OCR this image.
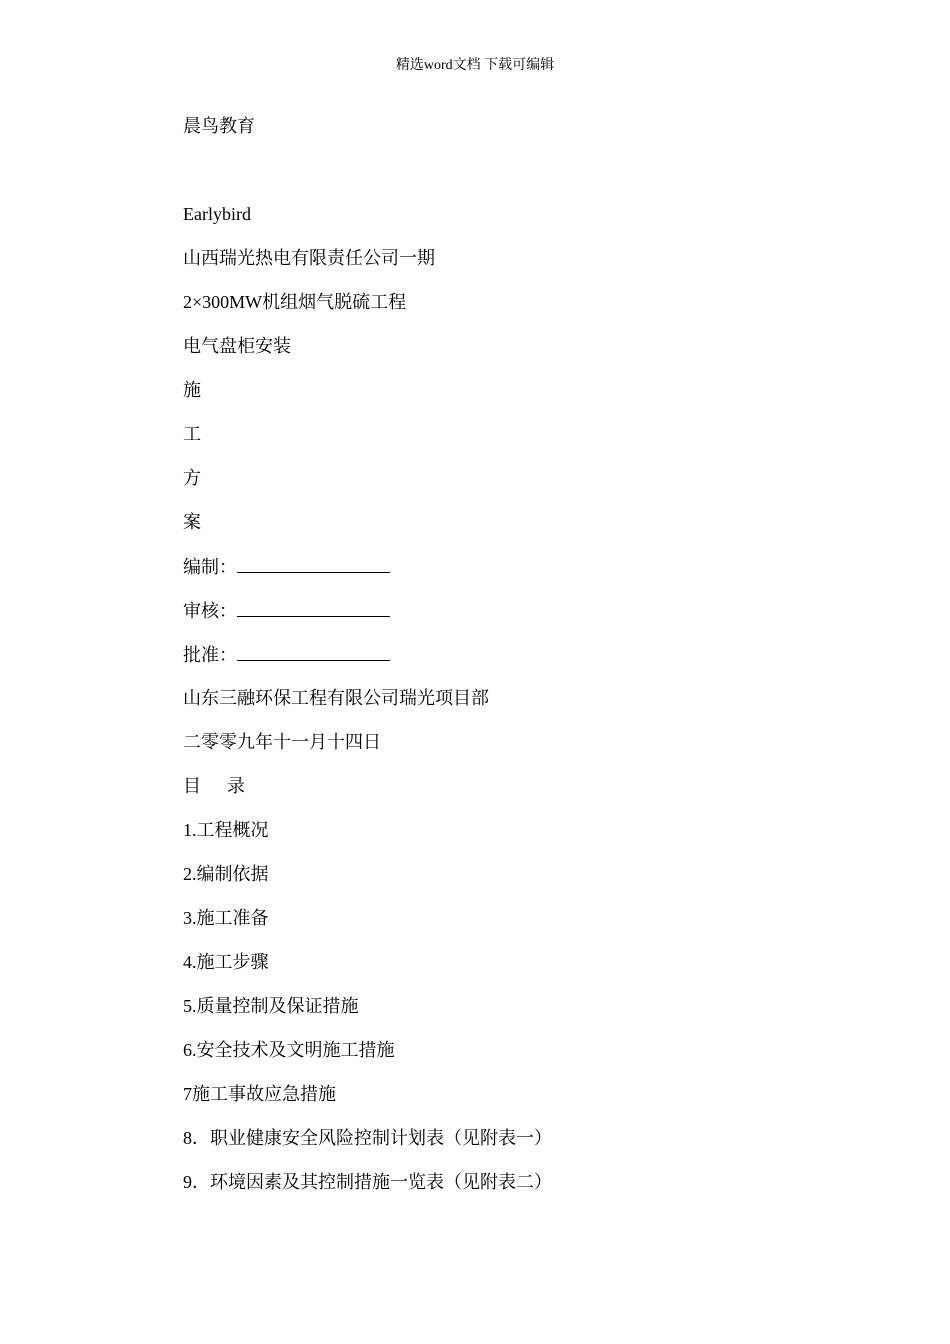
精选word文档 下载可编辑
晨鸟教育
Earlybird
山西瑞光热电有限责任公司一期
2×300MW机组烟气脱硫工程
电气盘柜安装
施
工
方
案
编制：
审核：
批准：
山东三融环保工程有限公司瑞光项目部
二零零九年十一月十四日
目 录
1.工程概况
2.编制依据
3.施工准备
4.施工步骤
5.质量控制及保证措施
6.安全技术及文明施工措施
7施工事故应急措施
8．职业健康安全风险控制计划表（见附表一）
9．环境因素及其控制措施一览表（见附表二）
